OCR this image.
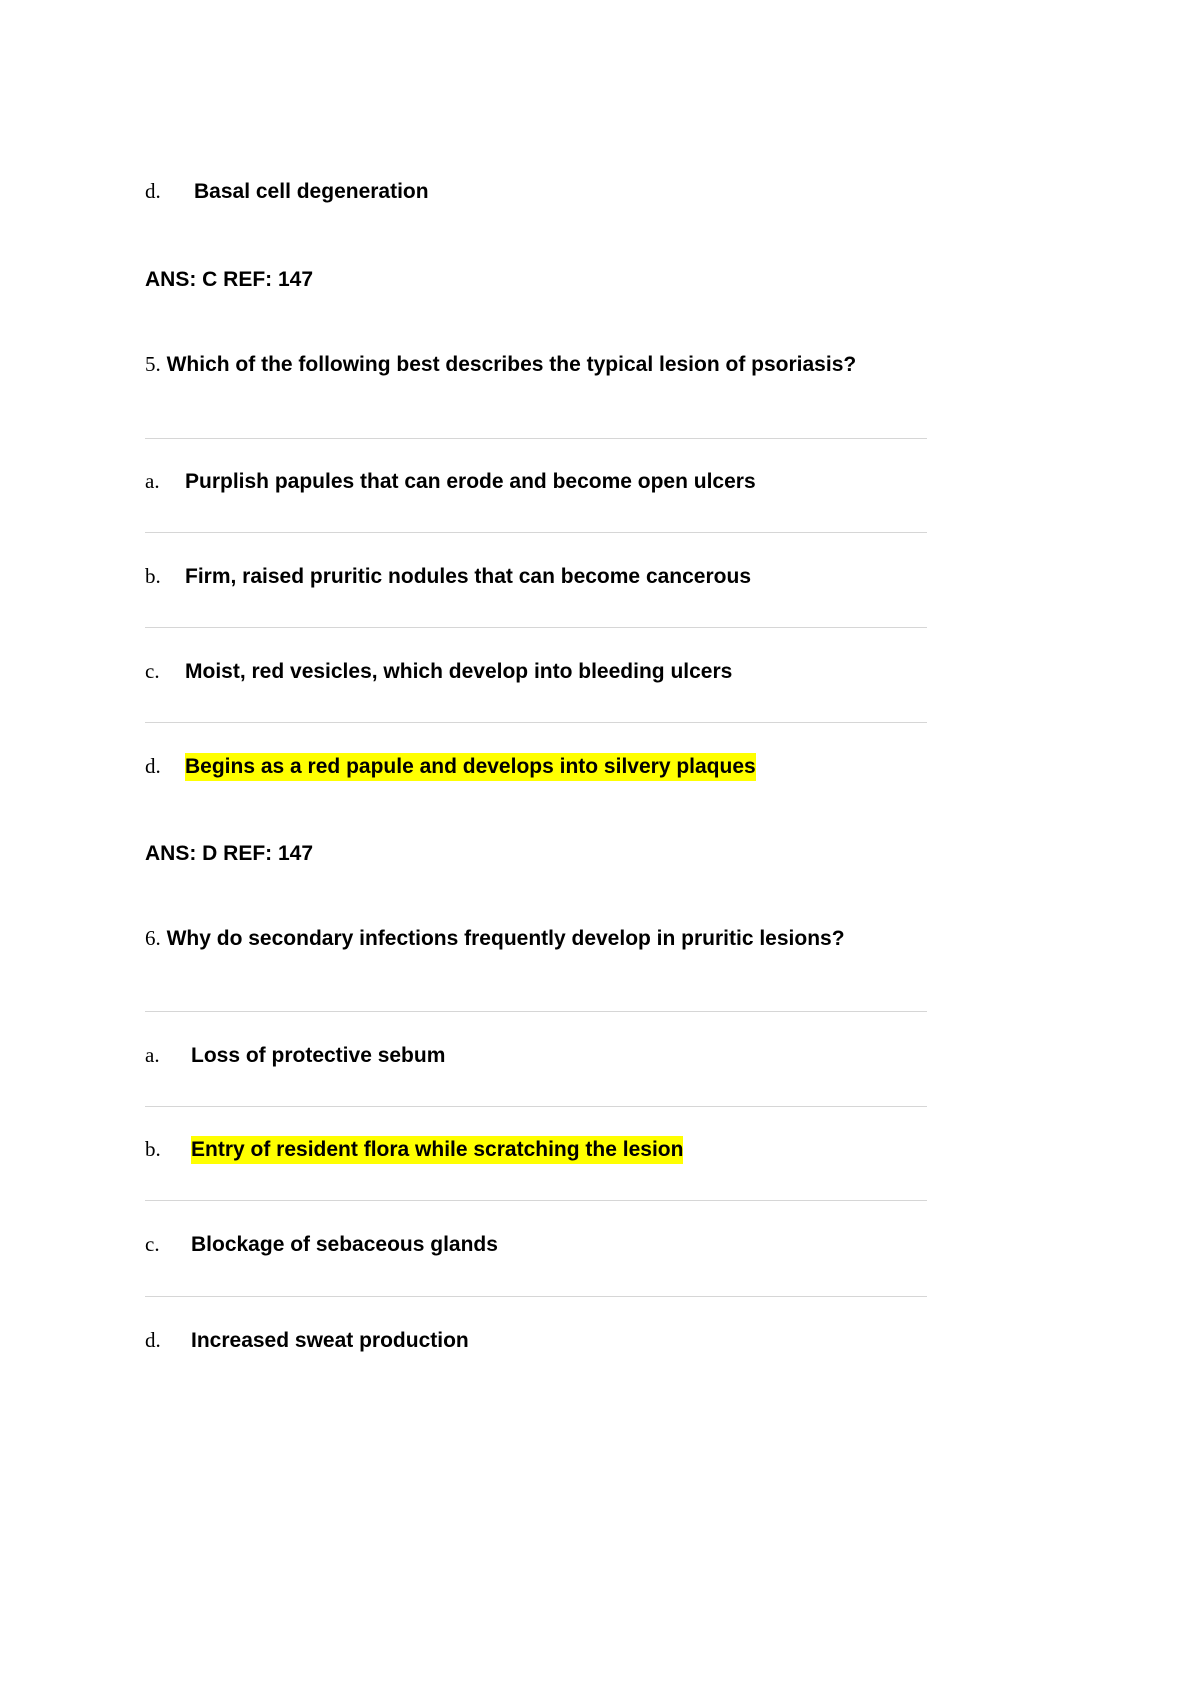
d. Basal cell degeneration
ANS: C REF: 147
5. Which of the following best describes the typical lesion of psoriasis?
a. Purplish papules that can erode and become open ulcers
b. Firm, raised pruritic nodules that can become cancerous
c. Moist, red vesicles, which develop into bleeding ulcers
d. Begins as a red papule and develops into silvery plaques
ANS: D REF: 147
6. Why do secondary infections frequently develop in pruritic lesions?
a. Loss of protective sebum
b. Entry of resident flora while scratching the lesion
c. Blockage of sebaceous glands
d. Increased sweat production
